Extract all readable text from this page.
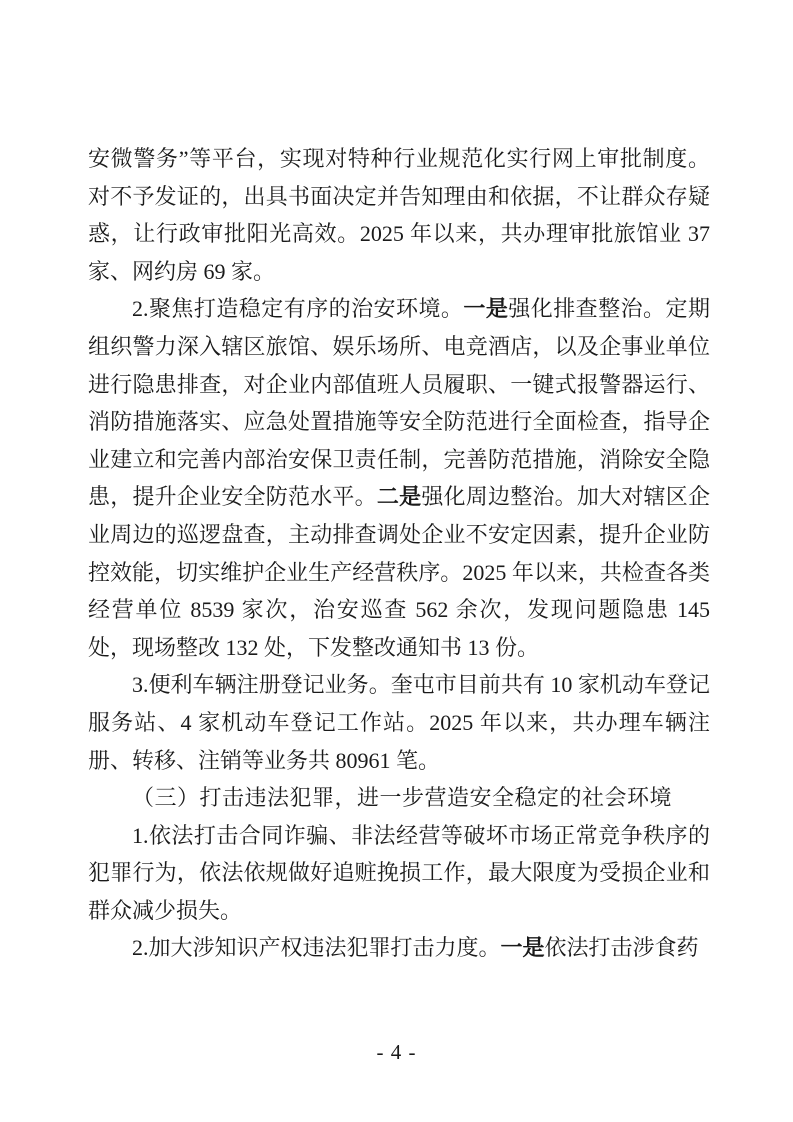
安微警务”等平台，实现对特种行业规范化实行网上审批制度。对不予发证的，出具书面决定并告知理由和依据，不让群众存疑惑，让行政审批阳光高效。2025 年以来，共办理审批旅馆业 37 家、网约房 69 家。

2.聚焦打造稳定有序的治安环境。一是强化排查整治。定期组织警力深入辖区旅馆、娱乐场所、电竞酒店，以及企事业单位进行隐患排查，对企业内部值班人员履职、一键式报警器运行、消防措施落实、应急处置措施等安全防范进行全面检查，指导企业建立和完善内部治安保卫责任制，完善防范措施，消除安全隐患，提升企业安全防范水平。二是强化周边整治。加大对辖区企业周边的巡逻盘查，主动排查调处企业不安定因素，提升企业防控效能，切实维护企业生产经营秩序。2025 年以来，共检查各类经营单位 8539 家次，治安巡查 562 余次，发现问题隐患 145 处，现场整改 132 处，下发整改通知书 13 份。

3.便利车辆注册登记业务。奎屯市目前共有 10 家机动车登记服务站、4 家机动车登记工作站。2025 年以来，共办理车辆注册、转移、注销等业务共 80961 笔。

（三）打击违法犯罪，进一步营造安全稳定的社会环境

1.依法打击合同诈骗、非法经营等破坏市场正常竞争秩序的犯罪行为，依法依规做好追赃挽损工作，最大限度为受损企业和群众减少损失。

2.加大涉知识产权违法犯罪打击力度。一是依法打击涉食药

- 4 -
